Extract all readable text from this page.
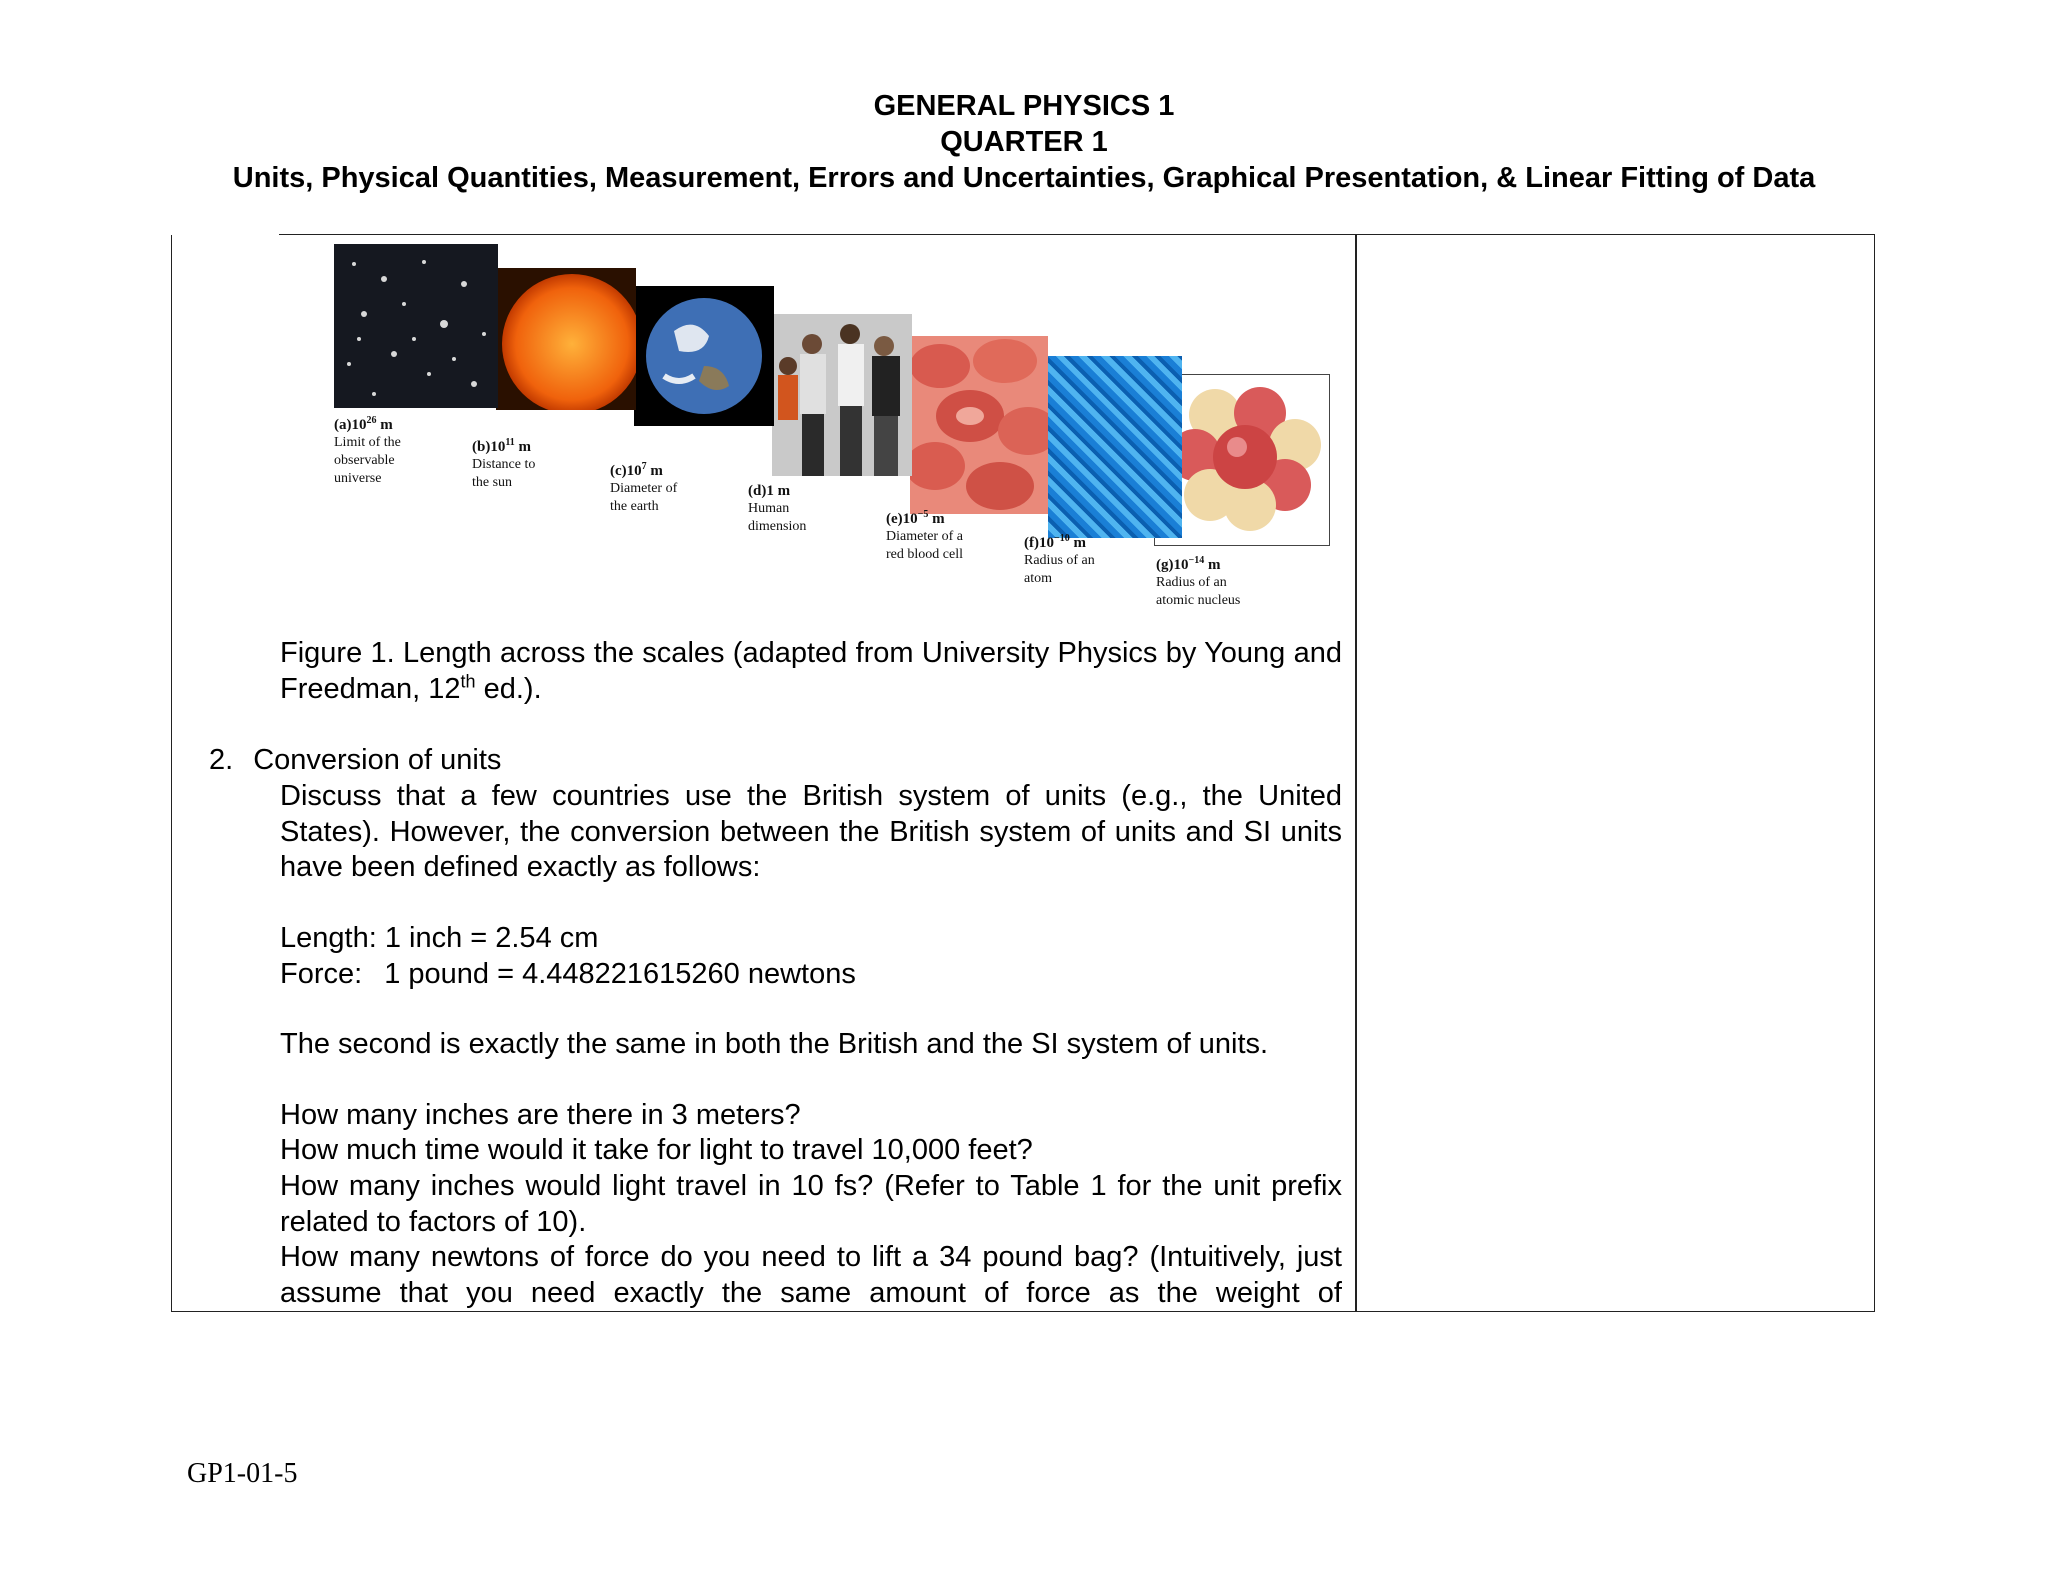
GENERAL PHYSICS 1
QUARTER 1
Units, Physical Quantities, Measurement, Errors and Uncertainties, Graphical Presentation, & Linear Fitting of Data
$(a)10^{26}$ m
Limit of the
observable
universe
$(b)10^{11}$ m
Distance to
the sun
$(c)10^7$ m
Diameter of
the earth
(d)1 m
Human
dimension	$(e)10^{-5}$ m
Diameter of a
red blood cell
$(f)10^{-10}$ m
Radius of an
atom
$(g)10^{-14}$ m
Radius of an
atomic nucleus
Figure 1. Length across the scales (adapted from University Physics by Young and Freedman, 12th ed.).
2. Conversion of units
Discuss that a few countries use the British system of units (e.g., the United States). However, the conversion between the British system of units and SI units have been defined exactly as follows:
Length: 1 inch = 2.54 cm
Force: 1 pound = 4.448221615260 newtons
The second is exactly the same in both the British and the SI system of units.
How many inches are there in 3 meters?
How much time would it take for light to travel 10,000 feet?
How many inches would light travel in 10 fs? (Refer to Table 1 for the unit prefix related to factors of 10).
How many newtons of force do you need to lift a 34 pound bag? (Intuitively, just assume that you need exactly the same amount of force as the weight of
GP1-01-5
